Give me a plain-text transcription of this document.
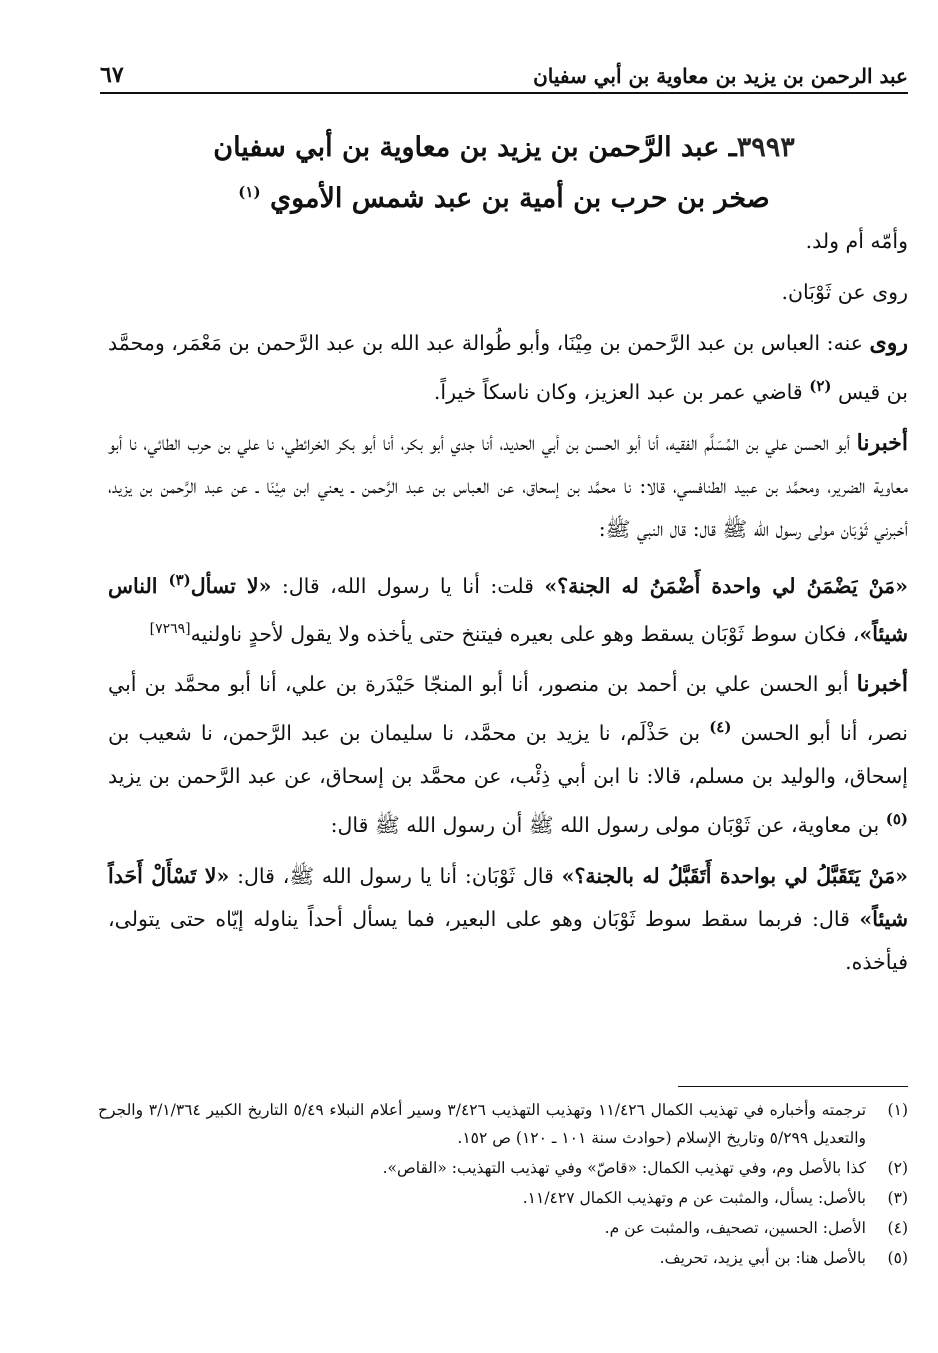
عبد الرحمن بن يزيد بن معاوية بن أبي سفيان
٦٧
٣٩٩٣ـ عبد الرَّحمن بن يزيد بن معاوية بن أبي سفيان
صخر بن حرب بن أمية بن عبد شمس الأموي $^{(١)}$

وأمّه أم ولد.

روى عن ثَوْبَان.

روى عنه: العباس بن عبد الرَّحمن بن مِيْنَا، وأبو طُوالة عبد الله بن عبد الرَّحمن بن مَعْمَر، ومحمَّد بن قيس $^{(٢)}$ قاضي عمر بن عبد العزيز، وكان ناسكاً خيراً.

أخبرنا أبو الحسن علي بن المُسَلَّم الفقيه، أنا أبو الحسن بن أبي الحديد، أنا جدي أبو بكر، أنا أبو بكر الخرائطي، نا علي بن حرب الطائي، نا أبو معاوية الضرير، ومحمَّد بن عبيد الطنافسي، قالا: نا محمَّد بن إسحاق، عن العباس بن عبد الرَّحمن ـ يعني ابن مِيْنَا ـ عن عبد الرَّحمن بن يزيد، أخبرني ثَوْبَان مولى رسول الله ﷺ قال: قال النبي ﷺ:

«مَنْ يَضْمَنُ لي واحدة أَضْمَنُ له الجنة؟» قلت: أنا يا رسول الله، قال: «لا تسأل$^{(٣)}$ الناس شيئاً»، فكان سوط ثَوْبَان يسقط وهو على بعيره فيتنخ حتى يأخذه ولا يقول لأحدٍ ناولنيه[٧٢٦٩]

أخبرنا أبو الحسن علي بن أحمد بن منصور، أنا أبو المنجّا حَيْدَرة بن علي، أنا أبو محمَّد بن أبي نصر، أنا أبو الحسن $^{(٤)}$ بن حَذْلَم، نا يزيد بن محمَّد، نا سليمان بن عبد الرَّحمن، نا شعيب بن إسحاق، والوليد بن مسلم، قالا: نا ابن أبي ذِئْب، عن محمَّد بن إسحاق، عن عبد الرَّحمن بن يزيد $^{(٥)}$ بن معاوية، عن ثَوْبَان مولى رسول الله ﷺ أن رسول الله ﷺ قال:

«مَنْ يَتَقَبَّلُ لي بواحدة أَتَقَبَّلُ له بالجنة؟» قال ثَوْبَان: أنا يا رسول الله ﷺ، قال: «لا تَسْأَلْ أَحَداً شيئاً» قال: فربما سقط سوط ثَوْبَان وهو على البعير، فما يسأل أحداً يناوله إيّاه حتى يتولى، فيأخذه.

(١)
ترجمته وأخباره في تهذيب الكمال ١١/٤٢٦ وتهذيب التهذيب ٣/٤٢٦ وسير أعلام النبلاء ٥/٤٩ التاريخ الكبير ٣/١/٣٦٤ والجرح والتعديل ٥/٢٩٩ وتاريخ الإسلام (حوادث سنة ١٠١ ـ ١٢٠) ص ١٥٢.
(٢)
كذا بالأصل وم، وفي تهذيب الكمال: «قاصّ» وفي تهذيب التهذيب: «القاص».
(٣)
بالأصل: يسأل، والمثبت عن م وتهذيب الكمال ١١/٤٢٧.
(٤)
الأصل: الحسين، تصحيف، والمثبت عن م.
(٥)
بالأصل هنا: بن أبي يزيد، تحريف.
